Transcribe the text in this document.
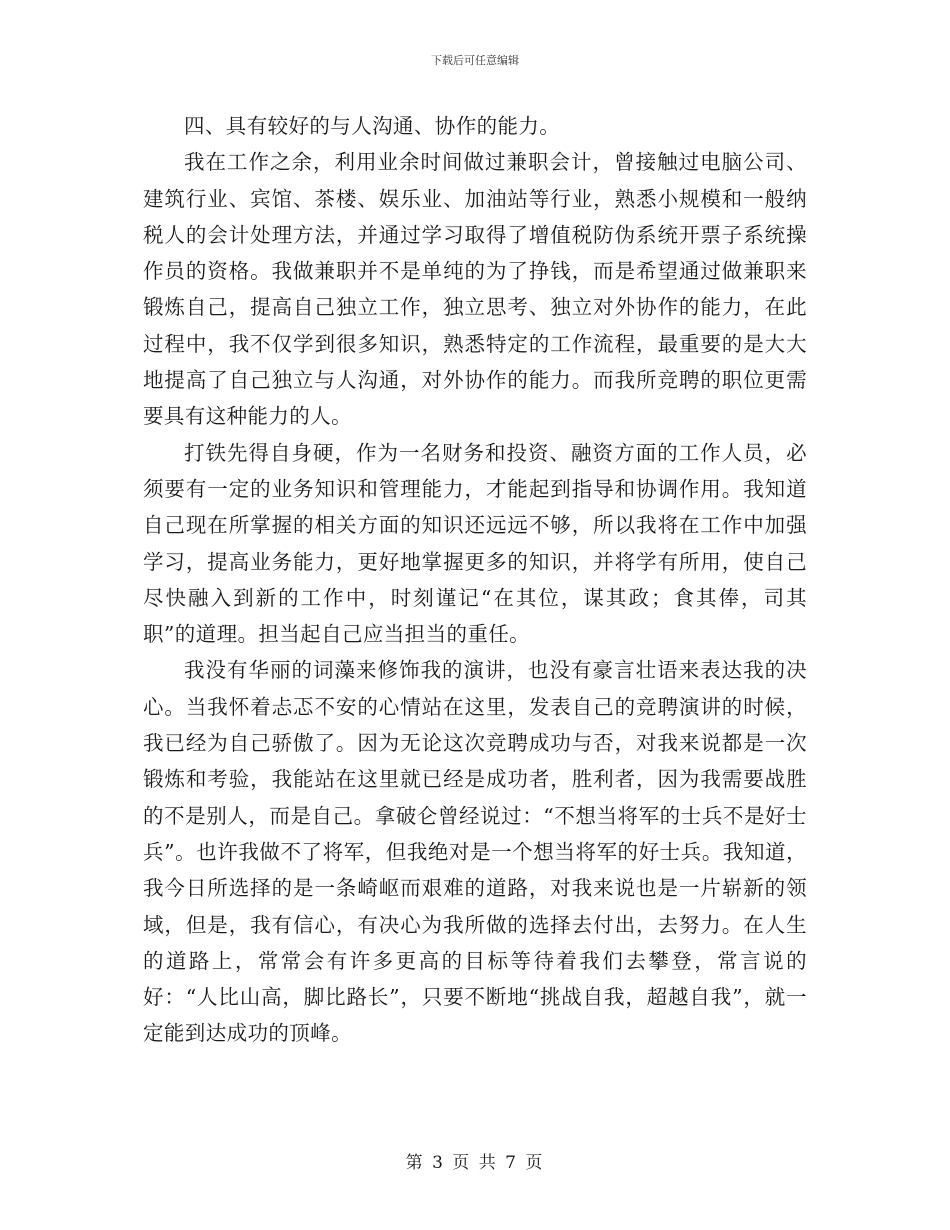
下载后可任意编辑

四、具有较好的与人沟通、协作的能力。

我在工作之余，利用业余时间做过兼职会计，曾接触过电脑公司、建筑行业、宾馆、茶楼、娱乐业、加油站等行业，熟悉小规模和一般纳税人的会计处理方法，并通过学习取得了增值税防伪系统开票子系统操作员的资格。我做兼职并不是单纯的为了挣钱，而是希望通过做兼职来锻炼自己，提高自己独立工作，独立思考、独立对外协作的能力，在此过程中，我不仅学到很多知识，熟悉特定的工作流程，最重要的是大大地提高了自己独立与人沟通，对外协作的能力。而我所竞聘的职位更需要具有这种能力的人。

打铁先得自身硬，作为一名财务和投资、融资方面的工作人员，必须要有一定的业务知识和管理能力，才能起到指导和协调作用。我知道自己现在所掌握的相关方面的知识还远远不够，所以我将在工作中加强学习，提高业务能力，更好地掌握更多的知识，并将学有所用，使自己尽快融入到新的工作中，时刻谨记“在其位，谋其政；食其俸，司其职”的道理。担当起自己应当担当的重任。

我没有华丽的词藻来修饰我的演讲，也没有豪言壮语来表达我的决心。当我怀着忐忑不安的心情站在这里，发表自己的竞聘演讲的时候，我已经为自己骄傲了。因为无论这次竞聘成功与否，对我来说都是一次锻炼和考验，我能站在这里就已经是成功者，胜利者，因为我需要战胜的不是别人，而是自己。拿破仑曾经说过：“不想当将军的士兵不是好士兵”。也许我做不了将军，但我绝对是一个想当将军的好士兵。我知道，我今日所选择的是一条崎岖而艰难的道路，对我来说也是一片崭新的领域，但是，我有信心，有决心为我所做的选择去付出，去努力。在人生的道路上，常常会有许多更高的目标等待着我们去攀登，常言说的好：“人比山高，脚比路长”，只要不断地“挑战自我，超越自我”，就一定能到达成功的顶峰。

第 3 页 共 7 页
